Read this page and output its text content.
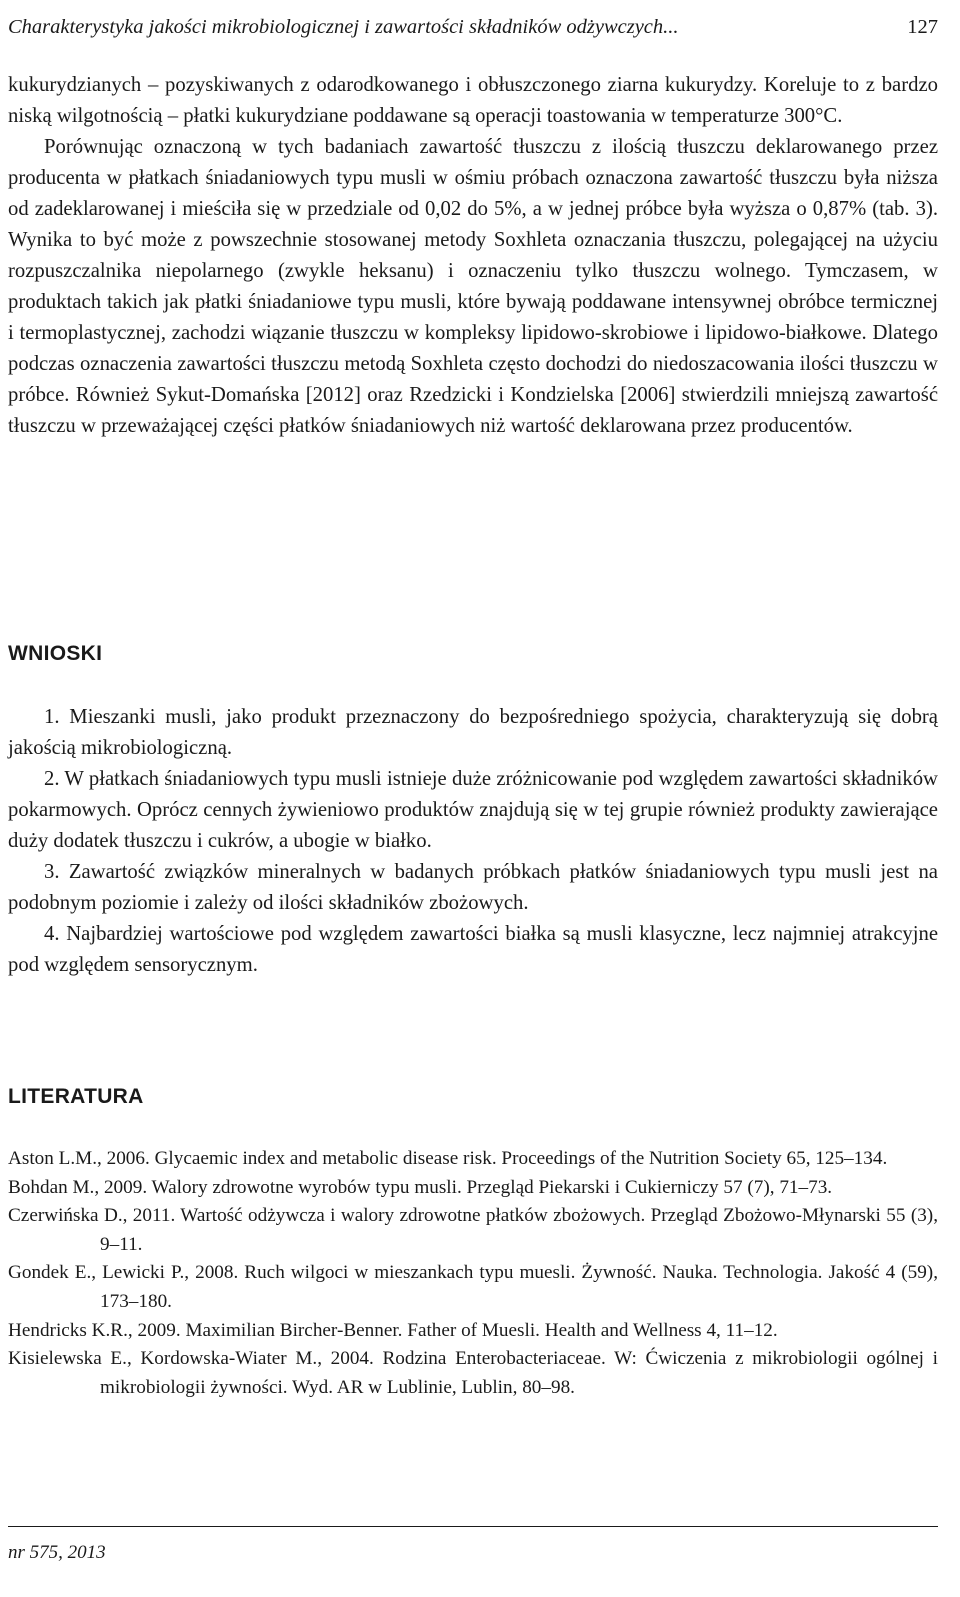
Charakterystyka jakości mikrobiologicznej i zawartości składników odżywczych...	127

kukurydzianych – pozyskiwanych z odarodkowanego i obłuszczonego ziarna kukurydzy. Koreluje to z bardzo niską wilgotnością – płatki kukurydziane poddawane są operacji toastowania w temperaturze 300°C.

Porównując oznaczoną w tych badaniach zawartość tłuszczu z ilością tłuszczu deklarowanego przez producenta w płatkach śniadaniowych typu musli w ośmiu próbach oznaczona zawartość tłuszczu była niższa od zadeklarowanej i mieściła się w przedziale od 0,02 do 5%, a w jednej próbce była wyższa o 0,87% (tab. 3). Wynika to być może z powszechnie stosowanej metody Soxhleta oznaczania tłuszczu, polegającej na użyciu rozpuszczalnika niepolarnego (zwykle heksanu) i oznaczeniu tylko tłuszczu wolnego. Tymczasem, w produktach takich jak płatki śniadaniowe typu musli, które bywają poddawane intensywnej obróbce termicznej i termoplastycznej, zachodzi wiązanie tłuszczu w kompleksy lipidowo-skrobiowe i lipidowo-białkowe. Dlatego podczas oznaczenia zawartości tłuszczu metodą Soxhleta często dochodzi do niedoszacowania ilości tłuszczu w próbce. Również Sykut-Domańska [2012] oraz Rzedzicki i Kondzielska [2006] stwierdzili mniejszą zawartość tłuszczu w przeważającej części płatków śniadaniowych niż wartość deklarowana przez producentów.

WNIOSKI

1. Mieszanki musli, jako produkt przeznaczony do bezpośredniego spożycia, charakteryzują się dobrą jakością mikrobiologiczną.

2. W płatkach śniadaniowych typu musli istnieje duże zróżnicowanie pod względem zawartości składników pokarmowych. Oprócz cennych żywieniowo produktów znajdują się w tej grupie również produkty zawierające duży dodatek tłuszczu i cukrów, a ubogie w białko.

3. Zawartość związków mineralnych w badanych próbkach płatków śniadaniowych typu musli jest na podobnym poziomie i zależy od ilości składników zbożowych.

4. Najbardziej wartościowe pod względem zawartości białka są musli klasyczne, lecz najmniej atrakcyjne pod względem sensorycznym.

LITERATURA

Aston L.M., 2006. Glycaemic index and metabolic disease risk. Proceedings of the Nutrition Society 65, 125–134.

Bohdan M., 2009. Walory zdrowotne wyrobów typu musli. Przegląd Piekarski i Cukierniczy 57 (7), 71–73.

Czerwińska D., 2011. Wartość odżywcza i walory zdrowotne płatków zbożowych. Przegląd Zbożowo-Młynarski 55 (3), 9–11.

Gondek E., Lewicki P., 2008. Ruch wilgoci w mieszankach typu muesli. Żywność. Nauka. Technologia. Jakość 4 (59), 173–180.

Hendricks K.R., 2009. Maximilian Bircher-Benner. Father of Muesli. Health and Wellness 4, 11–12.

Kisielewska E., Kordowska-Wiater M., 2004. Rodzina Enterobacteriaceae. W: Ćwiczenia z mikrobiologii ogólnej i mikrobiologii żywności. Wyd. AR w Lublinie, Lublin, 80–98.

nr 575, 2013
